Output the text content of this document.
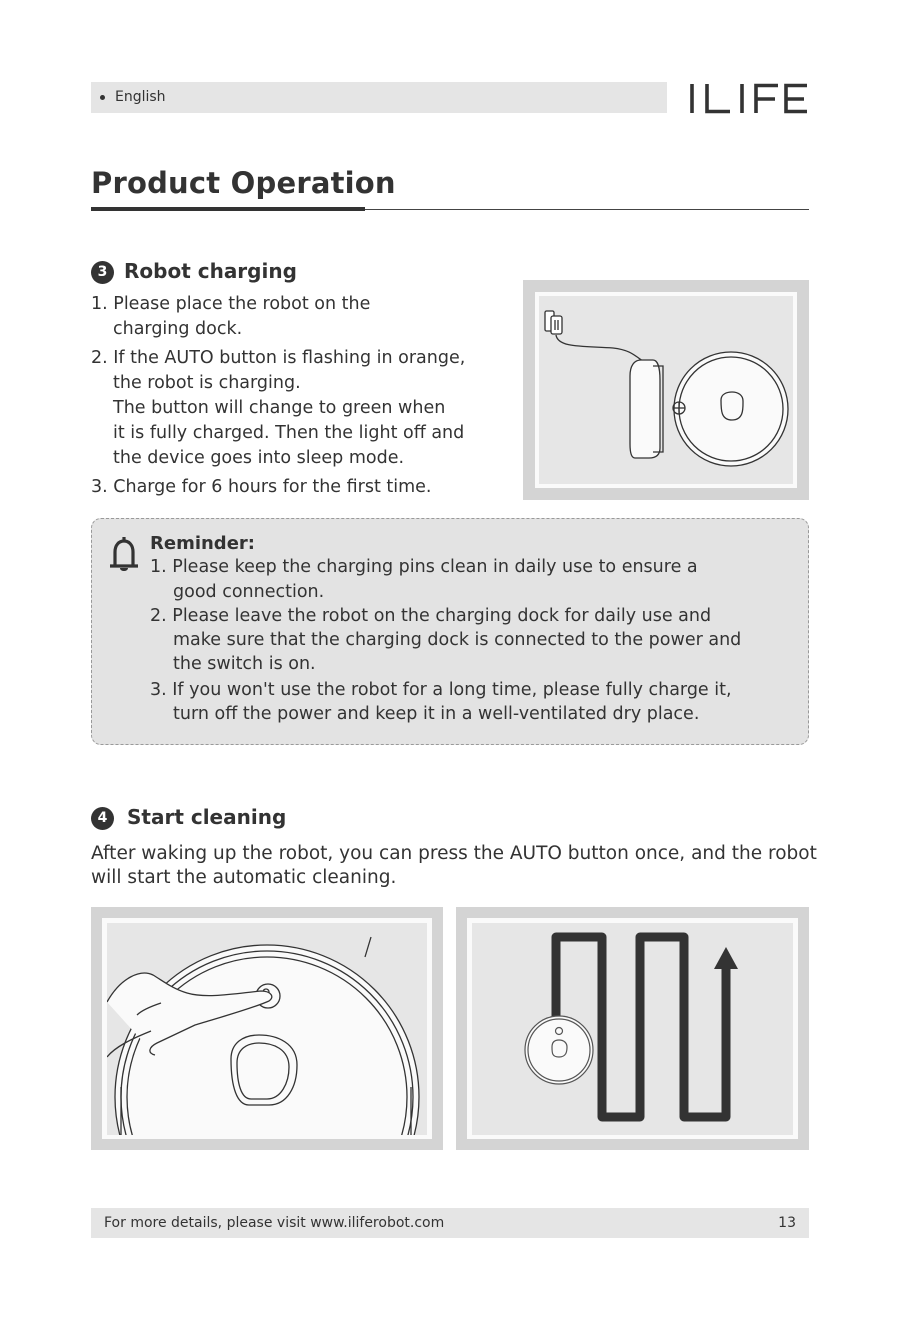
English
Product Operation
3 Robot charging
1. Please place the robot on the
charging dock.
2. If the AUTO button is flashing in orange,
the robot is charging.
The button will change to green when
it is fully charged. Then the light off and
the device goes into sleep mode.
3. Charge for 6 hours for the first time.
Reminder:
1. Please keep the charging pins clean in daily use to ensure a
good connection.
2. Please leave the robot on the charging dock for daily use and
make sure that the charging dock is connected to the power and
the switch is on.
3. If you won't use the robot for a long time, please fully charge it,
turn off the power and keep it in a well-ventilated dry place.
4 Start cleaning
After waking up the robot, you can press the AUTO button once, and the robot
will start the automatic cleaning.
For more details, please visit www.iliferobot.com	13
